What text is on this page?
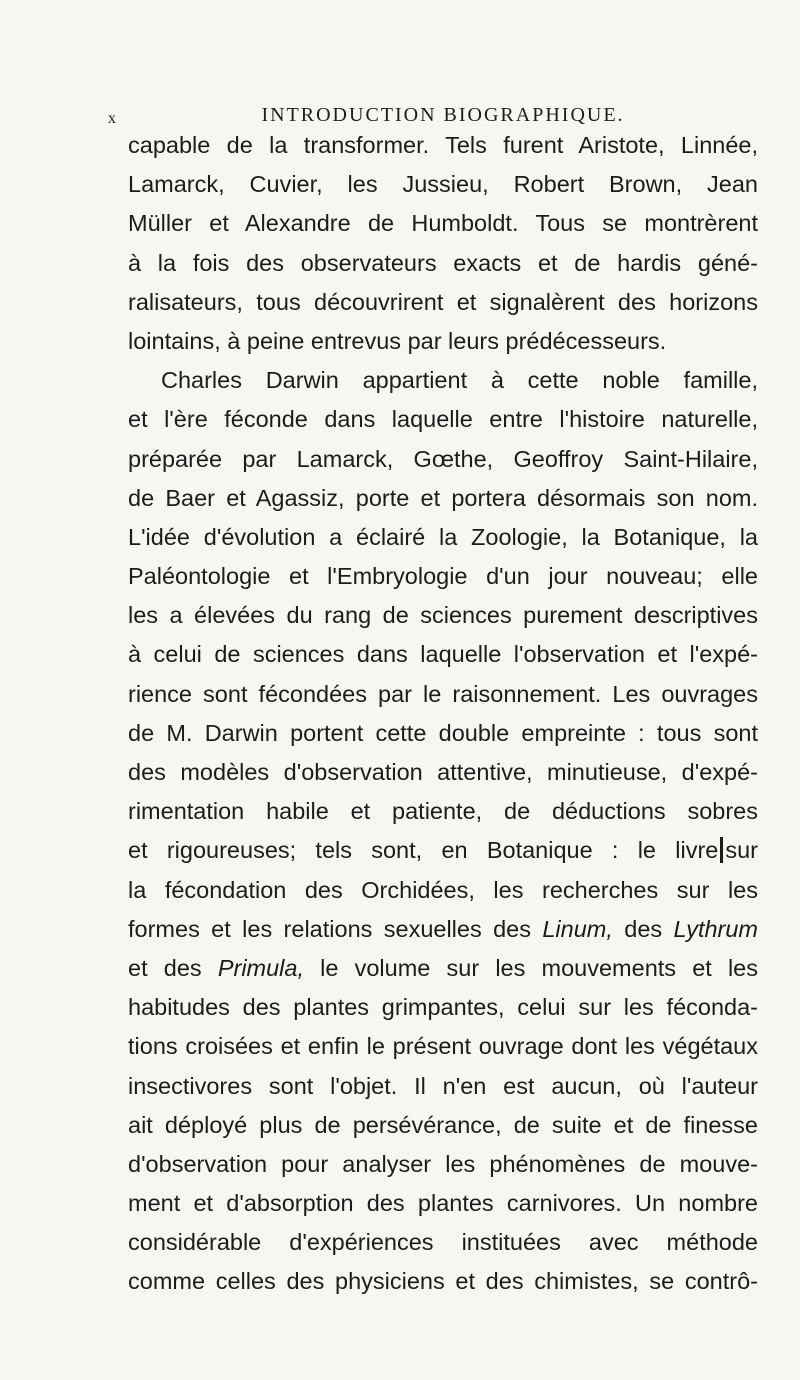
x	INTRODUCTION BIOGRAPHIQUE.
capable de la transformer. Tels furent Aristote, Linnée,
Lamarck, Cuvier, les Jussieu, Robert Brown, Jean
Müller et Alexandre de Humboldt. Tous se montrèrent
à la fois des observateurs exacts et de hardis géné-
ralisateurs, tous découvrirent et signalèrent des horizons
lointains, à peine entrevus par leurs prédécesseurs.
Charles Darwin appartient à cette noble famille,
et l'ère féconde dans laquelle entre l'histoire naturelle,
préparée par Lamarck, Gœthe, Geoffroy Saint-Hilaire,
de Baer et Agassiz, porte et portera désormais son nom.
L'idée d'évolution a éclairé la Zoologie, la Botanique, la
Paléontologie et l'Embryologie d'un jour nouveau; elle
les a élevées du rang de sciences purement descriptives
à celui de sciences dans laquelle l'observation et l'expé-
rience sont fécondées par le raisonnement. Les ouvrages
de M. Darwin portent cette double empreinte : tous sont
des modèles d'observation attentive, minutieuse, d'expé-
rimentation habile et patiente, de déductions sobres
et rigoureuses; tels sont, en Botanique : le livre sur
la fécondation des Orchidées, les recherches sur les
formes et les relations sexuelles des Linum, des Lythrum
et des Primula, le volume sur les mouvements et les
habitudes des plantes grimpantes, celui sur les féconda-
tions croisées et enfin le présent ouvrage dont les végétaux
insectivores sont l'objet. Il n'en est aucun, où l'auteur
ait déployé plus de persévérance, de suite et de finesse
d'observation pour analyser les phénomènes de mouve-
ment et d'absorption des plantes carnivores. Un nombre
considérable d'expériences instituées avec méthode
comme celles des physiciens et des chimistes, se contrô-
